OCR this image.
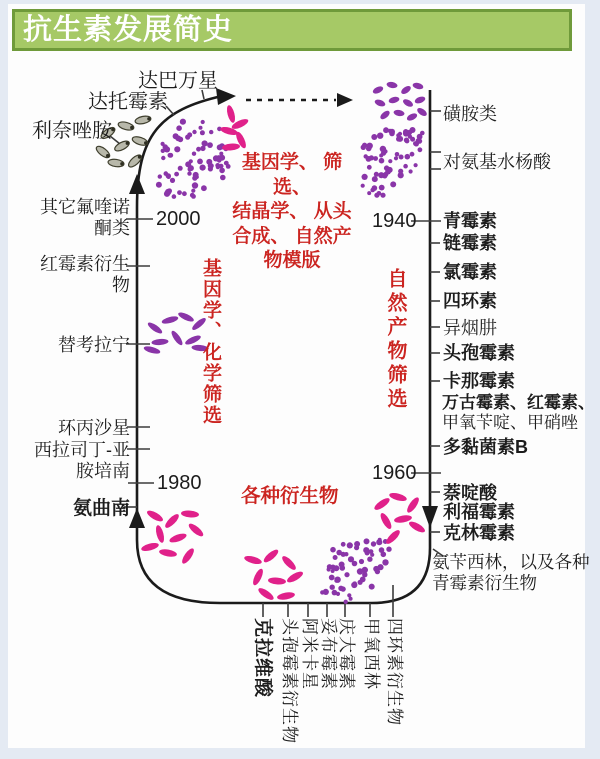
抗生素发展简史
达巴万星
达托霉素
利奈唑胺
其它氟喹诺酮类
红霉素衍生物
替考拉宁
环丙沙星
西拉司丁-亚胺培南
氨曲南
2000
1980
1940
1960
磺胺类
对氨基水杨酸
青霉素
链霉素
氯霉素
四环素
异烟肼
头孢霉素
卡那霉素
万古霉素、红霉素、
甲氧苄啶、甲硝唑
多黏菌素B
萘啶酸
利福霉素
克林霉素
氨苄西林，以及各种青霉素衍生物
克拉维酸 头孢霉素衍生物 阿米卡星 妥布霉素 庆大霉素 甲氧西林 四环素衍生物
基因学、 筛选、
结晶学、 从头
合成、 自然产
物模版
基因学、化学筛选	自然产物筛选
各种衍生物
